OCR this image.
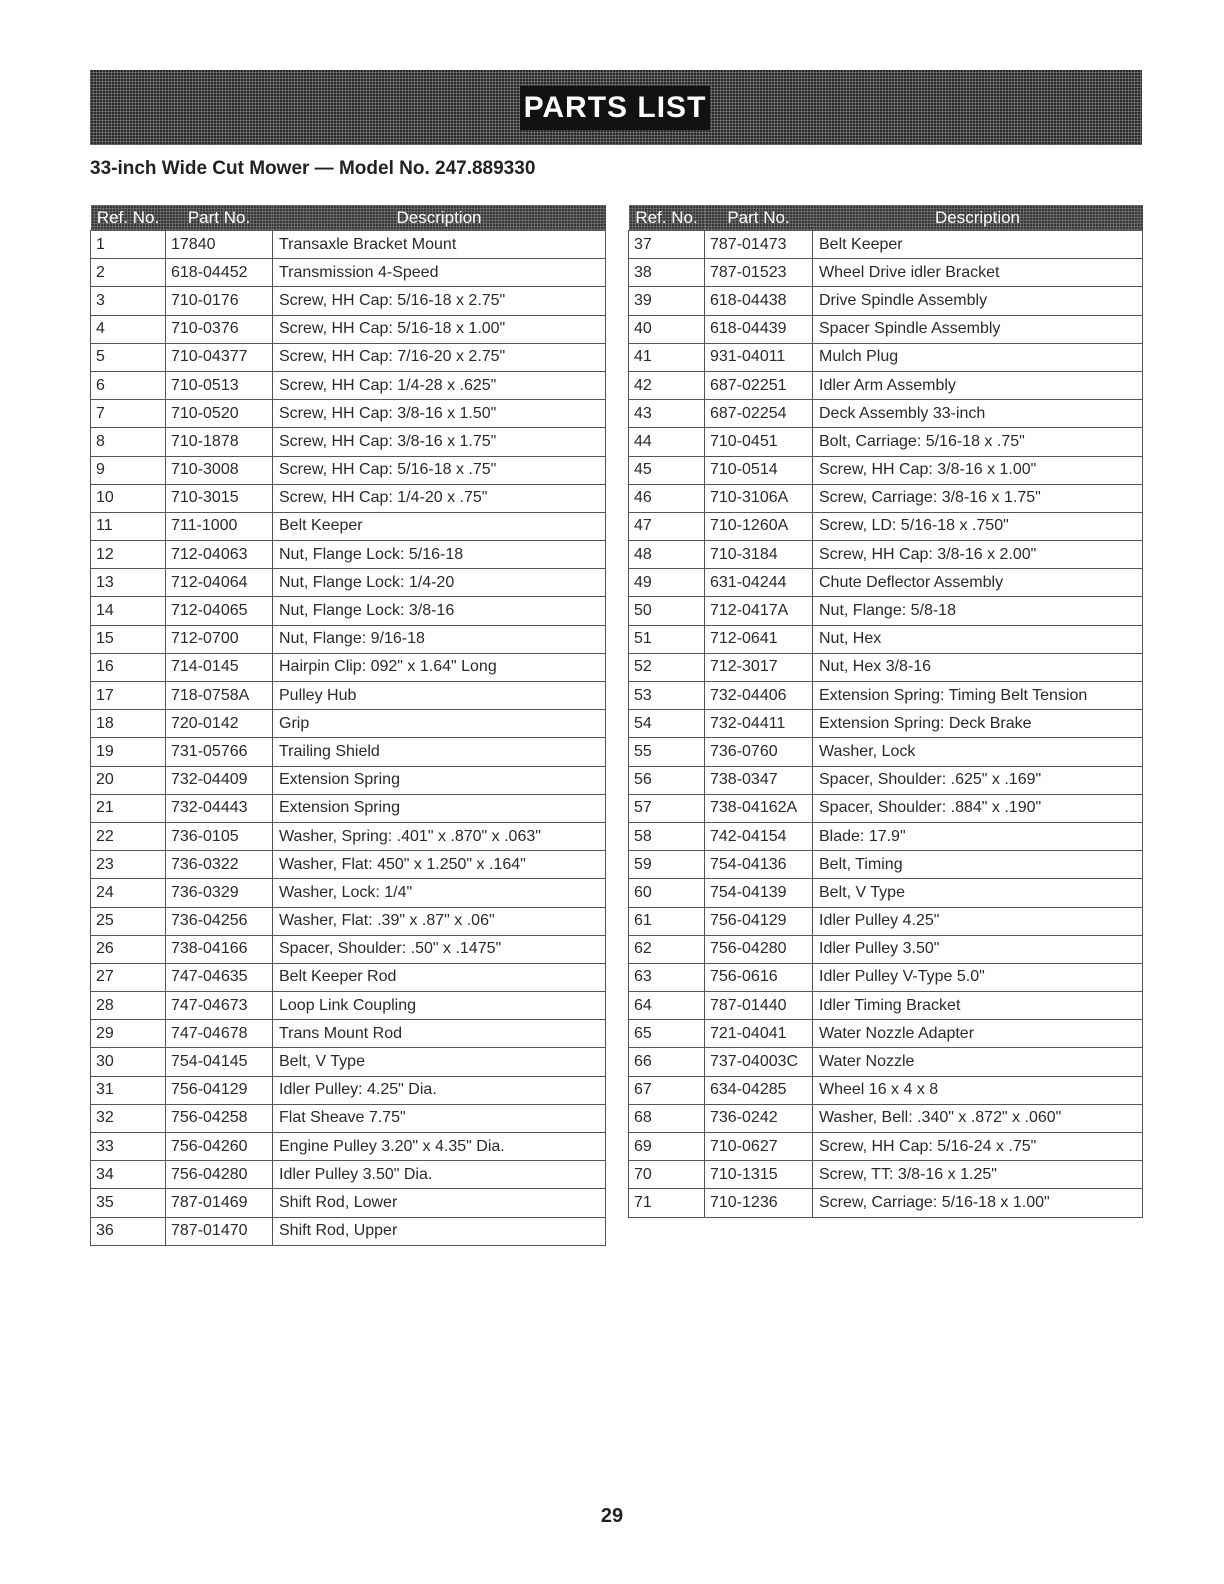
PARTS LIST
33-inch Wide Cut Mower — Model No. 247.889330
Ref. No.	Part No.	Description
1	17840	Transaxle Bracket Mount
2	618-04452	Transmission 4-Speed
3	710-0176	Screw, HH Cap: 5/16-18 x 2.75"
4	710-0376	Screw, HH Cap: 5/16-18 x 1.00"
5	710-04377	Screw, HH Cap: 7/16-20 x 2.75"
6	710-0513	Screw, HH Cap: 1/4-28 x .625"
7	710-0520	Screw, HH Cap: 3/8-16 x 1.50"
8	710-1878	Screw, HH Cap: 3/8-16 x 1.75"
9	710-3008	Screw, HH Cap: 5/16-18 x .75"
10	710-3015	Screw, HH Cap: 1/4-20 x .75"
11	711-1000	Belt Keeper
12	712-04063	Nut, Flange Lock: 5/16-18
13	712-04064	Nut, Flange Lock: 1/4-20
14	712-04065	Nut, Flange Lock: 3/8-16
15	712-0700	Nut, Flange: 9/16-18
16	714-0145	Hairpin Clip: 092" x 1.64" Long
17	718-0758A	Pulley Hub
18	720-0142	Grip
19	731-05766	Trailing Shield
20	732-04409	Extension Spring
21	732-04443	Extension Spring
22	736-0105	Washer, Spring: .401" x .870" x .063"
23	736-0322	Washer, Flat: 450" x 1.250" x .164"
24	736-0329	Washer, Lock: 1/4"
25	736-04256	Washer, Flat: .39" x .87" x .06"
26	738-04166	Spacer, Shoulder: .50" x .1475"
27	747-04635	Belt Keeper Rod
28	747-04673	Loop Link Coupling
29	747-04678	Trans Mount Rod
30	754-04145	Belt, V Type
31	756-04129	Idler Pulley: 4.25" Dia.
32	756-04258	Flat Sheave 7.75"
33	756-04260	Engine Pulley 3.20" x 4.35" Dia.
34	756-04280	Idler Pulley 3.50" Dia.
35	787-01469	Shift Rod, Lower
36	787-01470	Shift Rod, Upper
Ref. No.	Part No.	Description
37	787-01473	Belt Keeper
38	787-01523	Wheel Drive idler Bracket
39	618-04438	Drive Spindle Assembly
40	618-04439	Spacer Spindle Assembly
41	931-04011	Mulch Plug
42	687-02251	Idler Arm Assembly
43	687-02254	Deck Assembly 33-inch
44	710-0451	Bolt, Carriage: 5/16-18 x .75"
45	710-0514	Screw, HH Cap: 3/8-16 x 1.00"
46	710-3106A	Screw, Carriage: 3/8-16 x 1.75"
47	710-1260A	Screw, LD: 5/16-18 x .750"
48	710-3184	Screw, HH Cap: 3/8-16 x 2.00"
49	631-04244	Chute Deflector Assembly
50	712-0417A	Nut, Flange: 5/8-18
51	712-0641	Nut, Hex
52	712-3017	Nut, Hex 3/8-16
53	732-04406	Extension Spring: Timing Belt Tension
54	732-04411	Extension Spring: Deck Brake
55	736-0760	Washer, Lock
56	738-0347	Spacer, Shoulder: .625" x .169"
57	738-04162A	Spacer, Shoulder: .884" x .190"
58	742-04154	Blade: 17.9"
59	754-04136	Belt, Timing
60	754-04139	Belt, V Type
61	756-04129	Idler Pulley 4.25"
62	756-04280	Idler Pulley 3.50"
63	756-0616	Idler Pulley V-Type 5.0"
64	787-01440	Idler Timing Bracket
65	721-04041	Water Nozzle Adapter
66	737-04003C	Water Nozzle
67	634-04285	Wheel 16 x 4 x 8
68	736-0242	Washer, Bell: .340" x .872" x .060"
69	710-0627	Screw, HH Cap: 5/16-24 x .75"
70	710-1315	Screw, TT: 3/8-16 x 1.25"
71	710-1236	Screw, Carriage: 5/16-18 x 1.00"
29
